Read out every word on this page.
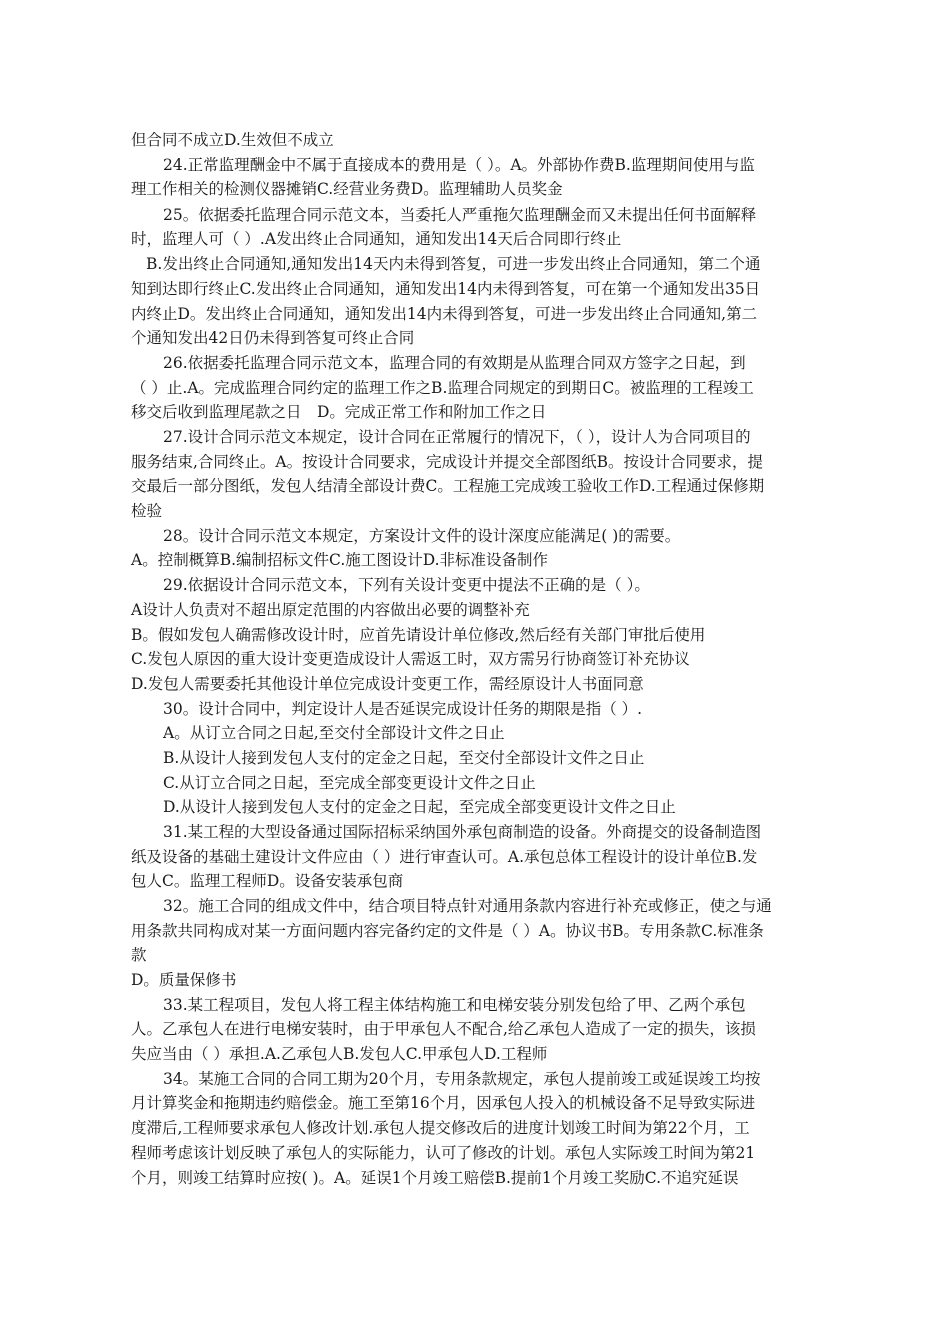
但合同不成立D.生效但不成立

24.正常监理酬金中不属于直接成本的费用是（ ）。A。外部协作费B.监理期间使用与监

理工作相关的检测仪器摊销C.经营业务费D。监理辅助人员奖金

25。依据委托监理合同示范文本，当委托人严重拖欠监理酬金而又未提出任何书面解释

时，监理人可（ ）.A发出终止合同通知，通知发出14天后合同即行终止

B.发出终止合同通知,通知发出14天内未得到答复，可进一步发出终止合同通知，第二个通

知到达即行终止C.发出终止合同通知，通知发出14内未得到答复，可在第一个通知发出35日

内终止D。发出终止合同通知，通知发出14内未得到答复，可进一步发出终止合同通知,第二

个通知发出42日仍未得到答复可终止合同

26.依据委托监理合同示范文本，监理合同的有效期是从监理合同双方签字之日起，到

（ ）止.A。完成监理合同约定的监理工作之B.监理合同规定的到期日C。被监理的工程竣工

移交后收到监理尾款之日　D。完成正常工作和附加工作之日

27.设计合同示范文本规定，设计合同在正常履行的情况下，（ ），设计人为合同项目的

服务结束,合同终止。A。按设计合同要求，完成设计并提交全部图纸B。按设计合同要求，提

交最后一部分图纸，发包人结清全部设计费C。工程施工完成竣工验收工作D.工程通过保修期

检验

28。设计合同示范文本规定，方案设计文件的设计深度应能满足( )的需要。

A。控制概算B.编制招标文件C.施工图设计D.非标准设备制作

29.依据设计合同示范文本，下列有关设计变更中提法不正确的是（ ）。

A设计人负责对不超出原定范围的内容做出必要的调整补充

B。假如发包人确需修改设计时，应首先请设计单位修改,然后经有关部门审批后使用

C.发包人原因的重大设计变更造成设计人需返工时，双方需另行协商签订补充协议

D.发包人需要委托其他设计单位完成设计变更工作，需经原设计人书面同意

30。设计合同中，判定设计人是否延误完成设计任务的期限是指（ ）.

A。从订立合同之日起,至交付全部设计文件之日止

B.从设计人接到发包人支付的定金之日起，至交付全部设计文件之日止

C.从订立合同之日起，至完成全部变更设计文件之日止

D.从设计人接到发包人支付的定金之日起，至完成全部变更设计文件之日止

31.某工程的大型设备通过国际招标采纳国外承包商制造的设备。外商提交的设备制造图

纸及设备的基础土建设计文件应由（ ）进行审查认可。A.承包总体工程设计的设计单位B.发

包人C。监理工程师D。设备安装承包商

32。施工合同的组成文件中，结合项目特点针对通用条款内容进行补充或修正，使之与通

用条款共同构成对某一方面问题内容完备约定的文件是（ ）A。协议书B。专用条款C.标准条

款

D。质量保修书

33.某工程项目，发包人将工程主体结构施工和电梯安装分别发包给了甲、乙两个承包

人。乙承包人在进行电梯安装时，由于甲承包人不配合,给乙承包人造成了一定的损失，该损

失应当由（ ）承担.A.乙承包人B.发包人C.甲承包人D.工程师

34。某施工合同的合同工期为20个月，专用条款规定，承包人提前竣工或延误竣工均按

月计算奖金和拖期违约赔偿金。施工至第16个月，因承包人投入的机械设备不足导致实际进

度滞后,工程师要求承包人修改计划.承包人提交修改后的进度计划竣工时间为第22个月，工

程师考虑该计划反映了承包人的实际能力，认可了修改的计划。承包人实际竣工时间为第21

个月，则竣工结算时应按( )。A。延误1个月竣工赔偿B.提前1个月竣工奖励C.不追究延误
